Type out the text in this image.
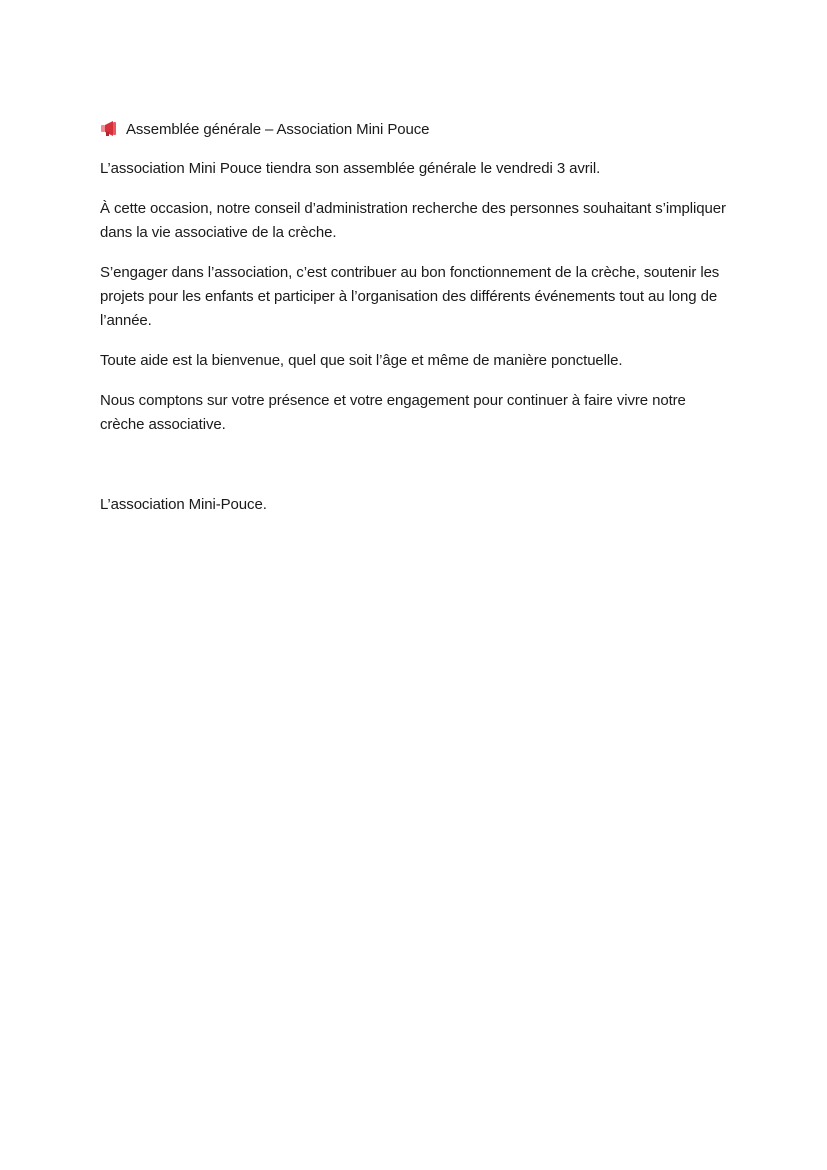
Assemblée générale – Association Mini Pouce

L’association Mini Pouce tiendra son assemblée générale le vendredi 3 avril.

À cette occasion, notre conseil d’administration recherche des personnes souhaitant s’impliquer dans la vie associative de la crèche.

S’engager dans l’association, c’est contribuer au bon fonctionnement de la crèche, soutenir les projets pour les enfants et participer à l’organisation des différents événements tout au long de l’année.

Toute aide est la bienvenue, quel que soit l’âge et même de manière ponctuelle.

Nous comptons sur votre présence et votre engagement pour continuer à faire vivre notre crèche associative.

L’association Mini-Pouce.
